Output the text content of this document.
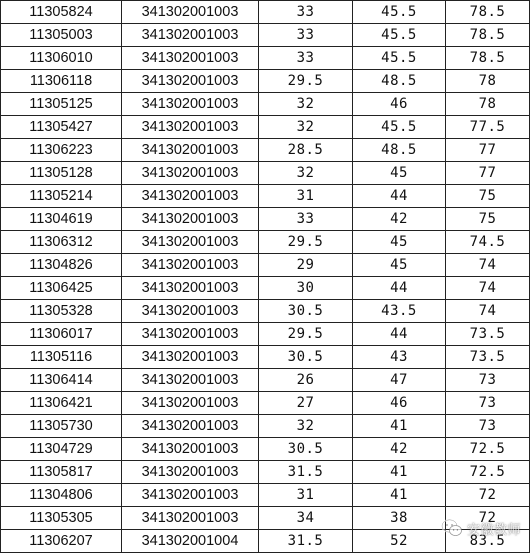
11305824	341302001003	33	45.5	78.5
11305003	341302001003	33	45.5	78.5
11306010	341302001003	33	45.5	78.5
11306118	341302001003	29.5	48.5	78
11305125	341302001003	32	46	78
11305427	341302001003	32	45.5	77.5
11306223	341302001003	28.5	48.5	77
11305128	341302001003	32	45	77
11305214	341302001003	31	44	75
11304619	341302001003	33	42	75
11306312	341302001003	29.5	45	74.5
11304826	341302001003	29	45	74
11306425	341302001003	30	44	74
11305328	341302001003	30.5	43.5	74
11306017	341302001003	29.5	44	73.5
11305116	341302001003	30.5	43	73.5
11306414	341302001003	26	47	73
11306421	341302001003	27	46	73
11305730	341302001003	32	41	73
11304729	341302001003	30.5	42	72.5
11305817	341302001003	31.5	41	72.5
11304806	341302001003	31	41	72
11305305	341302001003	34	38	72
11306207	341302001004	31.5	52	83.5
安徽教师
